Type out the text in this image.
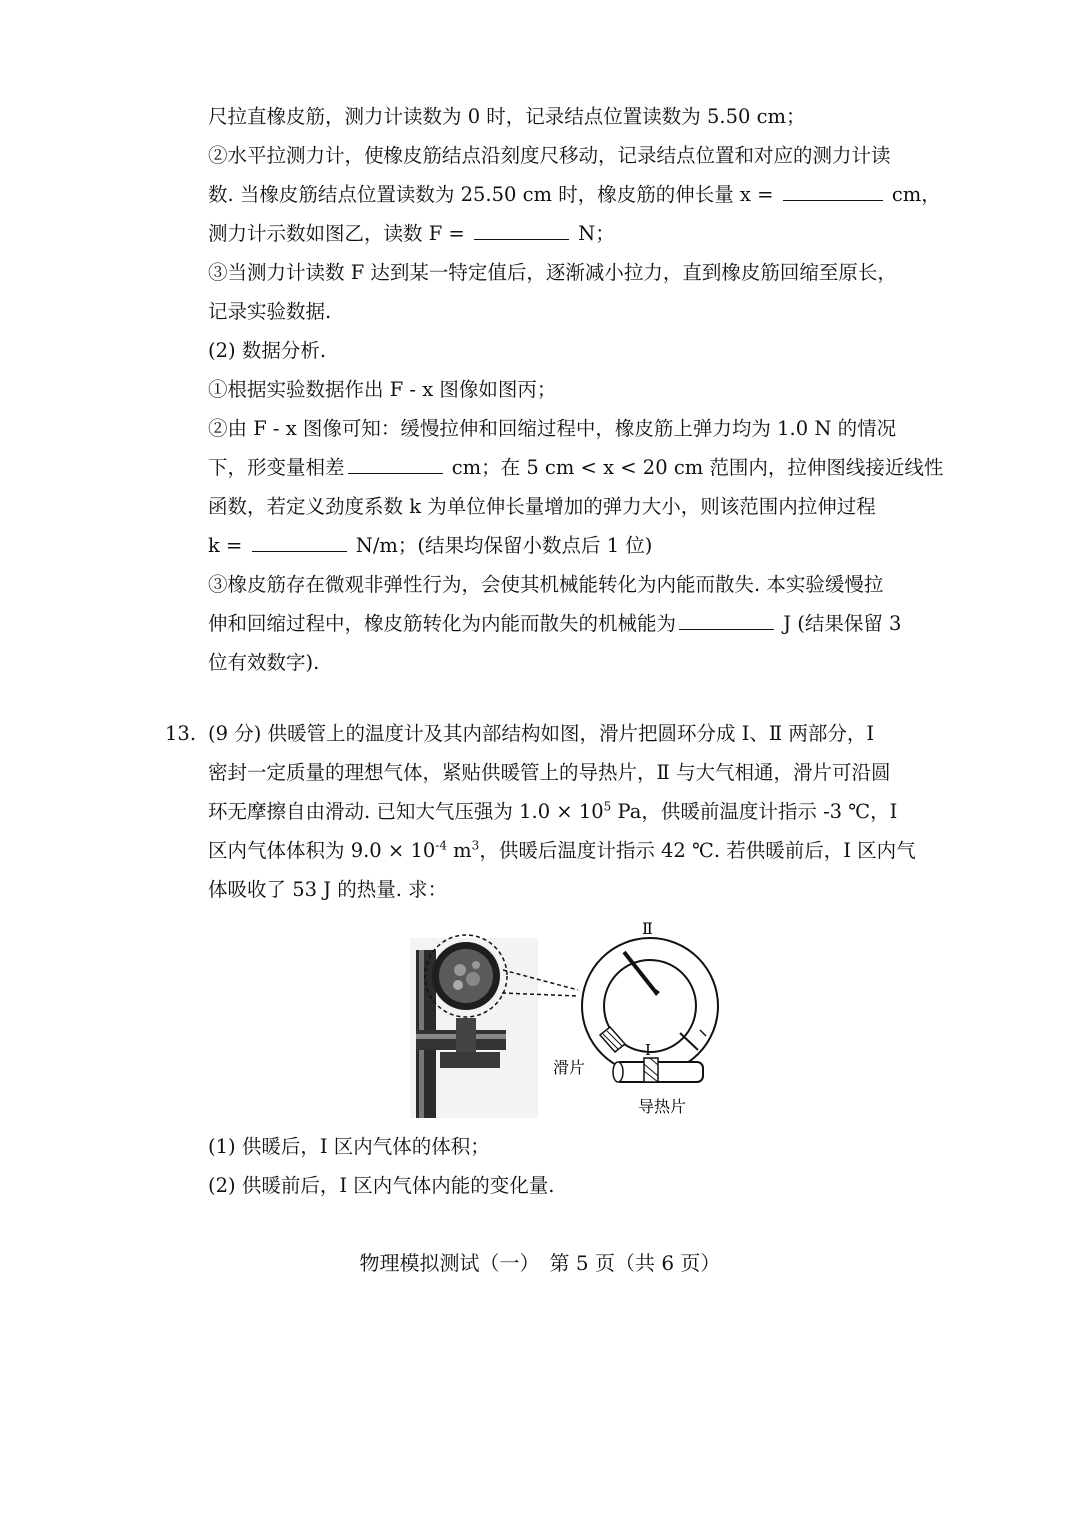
尺拉直橡皮筋，测力计读数为 0 时，记录结点位置读数为 5.50 cm；
②水平拉测力计，使橡皮筋结点沿刻度尺移动，记录结点位置和对应的测力计读
数. 当橡皮筋结点位置读数为 25.50 cm 时，橡皮筋的伸长量 x =	cm，
测力计示数如图乙，读数 F =	N；
③当测力计读数 F 达到某一特定值后，逐渐减小拉力，直到橡皮筋回缩至原长，
记录实验数据.
(2) 数据分析.
①根据实验数据作出 F - x 图像如图丙；
②由 F - x 图像可知：缓慢拉伸和回缩过程中，橡皮筋上弹力均为 1.0 N 的情况
下，形变量相差	cm；在 5 cm < x < 20 cm 范围内，拉伸图线接近线性
函数，若定义劲度系数 k 为单位伸长量增加的弹力大小，则该范围内拉伸过程
k =	N/m；(结果均保留小数点后 1 位)
③橡皮筋存在微观非弹性行为，会使其机械能转化为内能而散失. 本实验缓慢拉
伸和回缩过程中，橡皮筋转化为内能而散失的机械能为	J (结果保留 3
位有效数字).
13. (9 分) 供暖管上的温度计及其内部结构如图，滑片把圆环分成 Ⅰ、Ⅱ 两部分，Ⅰ
密封一定质量的理想气体，紧贴供暖管上的导热片，Ⅱ 与大气相通，滑片可沿圆
环无摩擦自由滑动. 已知大气压强为 $1.0 \times 10^5$ Pa，供暖前温度计指示 -3 ℃，Ⅰ
区内气体体积为 $9.0 \times 10^{-4}$ $m^3$，供暖后温度计指示 42 ℃. 若供暖前后，Ⅰ 区内气
体吸收了 53 J 的热量. 求：
Ⅱ
Ⅰ
滑片
导热片
(1) 供暖后，Ⅰ 区内气体的体积；
(2) 供暖前后，Ⅰ 区内气体内能的变化量.
物理模拟测试（一）　第 5 页（共 6 页）
